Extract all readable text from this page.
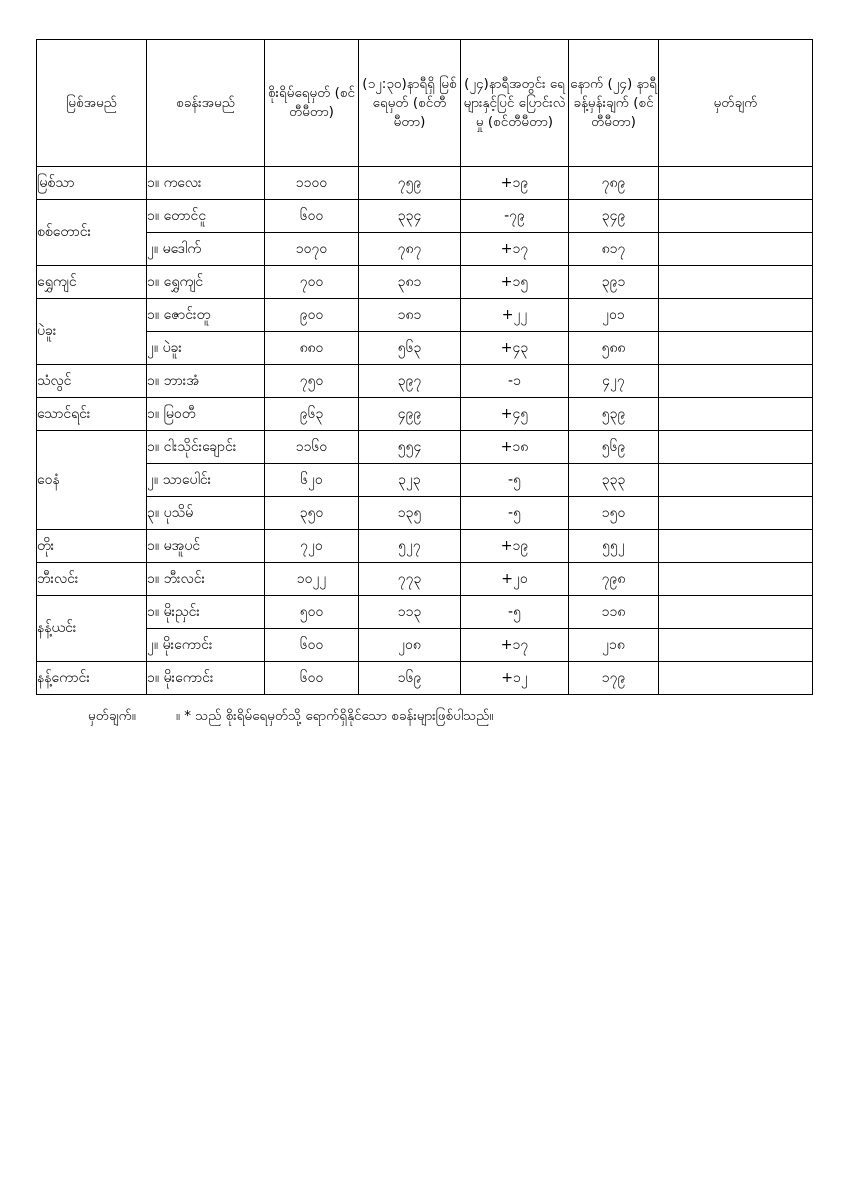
မြစ်အမည်	စခန်းအမည်	စိုးရိမ်ရေမှတ် (စင်တီမီတာ)	(၁၂:၃၀)နာရီရှိ မြစ်ရေမှတ် (စင်တီမီတာ)	(၂၄)နာရီအတွင်း ရေများနှင့်ပြင် ပြောင်းလဲမှု (စင်တီမီတာ)	နောက် (၂၄) နာရီ ခန့်မှန်းချက် (စင်တီမီတာ)	မှတ်ချက်
မြစ်သာ	၁။ ကလေး	၁၁၀၀	၇၅၉	+၁၉	၇၈၉	
စစ်တောင်း	၁။ တောင်ငူ	၆၀၀	၃၃၄	-၇၉	၃၄၉	
	၂။ မဒေါက်	၁၀၇၀	၇၈၇	+၁၇	၈၁၇	
ရွှေကျင်	၁။ ရွှေကျင်	၇၀၀	၃၈၁	+၁၅	၃၉၁	
ပဲခူး	၁။ ဇောင်းတူ	၉၀၀	၁၈၁	+၂၂	၂၀၁	
	၂။ ပဲခူး	၈၈၀	၅၆၃	+၄၃	၅၈၈	
သံလွင်	၁။ ဘားအံ	၇၅၀	၃၉၇	-၁	၄၂၇	
သောင်ရင်း	၁။ မြဝတီ	၉၆၃	၄၉၉	+၄၅	၅၃၉	
ဝေနံ	၁။ ငါးသိုင်းချောင်း	၁၁၆၀	၅၅၄	+၁၈	၅၆၉	
	၂။ သာပေါင်း	၆၂၀	၃၂၃	-၅	၃၃၃	
	၃။ ပုသိမ်	၃၅၀	၁၃၅	-၅	၁၅၀	
တိုး	၁။ မအူပင်	၇၂၀	၅၂၇	+၁၉	၅၅၂	
ဘီးလင်း	၁။ ဘီးလင်း	၁၀၂၂	၇၇၃	+၂၀	၇၉၈	
နန့်ယင်း	၁။ မိုးညှင်း	၅၀၀	၁၁၃	-၅	၁၁၈	
	၂။ မိုးကောင်း	၆၀၀	၂၀၈	+၁၇	၂၁၈	
နန့်ကောင်း	၁။ မိုးကောင်း	၆၀၀	၁၆၉	+၁၂	၁၇၉	
မှတ်ချက်။	။ * သည် စိုးရိမ်ရေမှတ်သို့ ရောက်ရှိနိုင်သော စခန်းများဖြစ်ပါသည်။
